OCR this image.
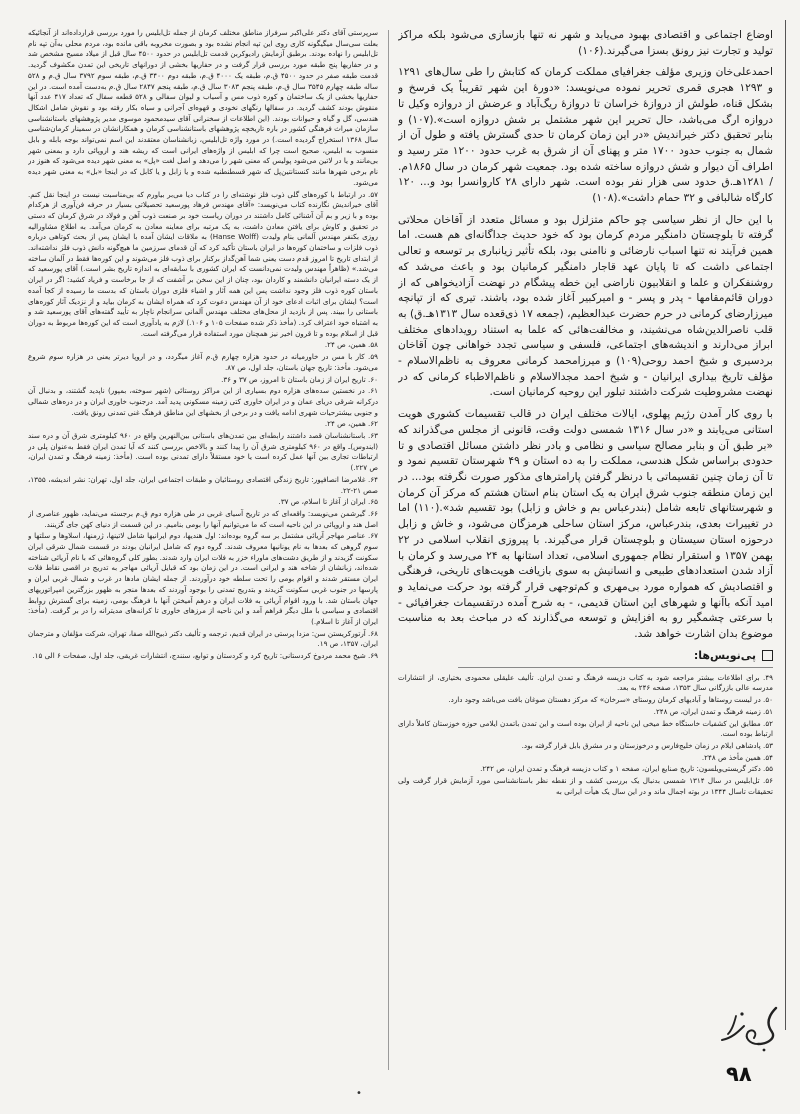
اوضاع اجتماعی و اقتصادی بهبود می‌یابد و شهر نه تنها بازسازی می‌شود بلکه مراکز تولید و تجارت نیز رونق بسزا می‌گیرند.(۱۰۶)

احمدعلی‌خان وزیری مؤلف جغرافیای مملکت کرمان که کتابش را طی سال‌های ۱۲۹۱ و ۱۲۹۳ هجری قمری تحریر نموده می‌نویسد: «دوره‌ٔ این شهر تقریباً یک فرسخ و بشکل قناه، طولش از دروازه‌ٔ خراسان تا دروازه‌ٔ ریگ‌آباد و عرضش از دروازه وکیل تا دروازه ارگ می‌باشد، حال تحریر این شهر مشتمل بر شش دروازه است».(۱۰۷) و بنابر تحقیق دکتر خیراندیش «در این زمان کرمان تا حدی گسترش یافته و طول آن از شمال به جنوب حدود ۱۷۰۰ متر و پهنای آن از شرق به غرب حدود ۱۲۰۰ متر رسید و اطراف آن دیوار و شش دروازه ساخته شده بود. جمعیت شهر کرمان در سال ۱۸۶۵م. / ۱۲۸۱هـ.ق حدود سی هزار نفر بوده است. شهر دارای ۲۸ کاروانسرا بود و... ۱۲۰ کارگاه شالبافی و ۳۲ حمام داشت».(۱۰۸)

با این حال از نظر سیاسی چو حاکم متزلزل بود و مسائل متعدد از آقاخان محلاتی گرفته تا بلوچستان دامنگیر مردم کرمان بود که خود حدیث جداگانه‌ای هم هست. اما همین فرآیند نه تنها اسباب نارضائی و ناامنی بود، بلکه تأثیر زیانباری بر توسعه و تعالی اجتماعی داشت که تا پایان عهد قاجار دامنگیر کرمانیان بود و باعث می‌شد که روشنفکران و علما و انقلابیون ناراضی این خطه پیشگام در نهضت آزادیخواهی که از دوران قائم‌مقامها - پدر و پسر - و امیرکبیر آغاز شده بود، باشند. تیری که از تپانچه میرزارضای کرمانی در حرم حضرت عبدالعظیم، (جمعه ۱۷ ذی‌قعده سال ۱۳۱۳هـ.ق) به قلب ناصرالدین‌شاه می‌نشیند، و مخالفت‌هائی که علما به استناد رویدادهای مختلف ابراز می‌دارند و اندیشه‌های اجتماعی، فلسفی و سیاسی تجدد خواهانی چون آقاخان بردسیری و شیخ احمد روحی(۱۰۹) و میرزامحمد کرمانی معروف به ناظم‌الاسلام - مؤلف تاریخ بیداری ایرانیان - و شیخ احمد مجدالاسلام و ناظم‌الاطباء کرمانی که در نهضت مشروطیت شرکت داشتند تبلور این روحیه کرمانیان است.

با روی کار آمدن رژیم پهلوی، ایالات مختلف ایران در قالب تقسیمات کشوری هویت استانی می‌یابند و «در سال ۱۳۱۶ شمسی دولت وقت، قانونی از مجلس می‌گذراند که «بر طبق آن و بنابر مصالح سیاسی و نظامی و بادر نظر داشتن مسائل اقتصادی و تا حدودی براساس شکل هندسی، مملکت را به ده استان و ۴۹ شهرستان تقسیم نمود و تا آن زمان چنین تقسیماتی با درنظر گرفتن پارامترهای مذکور صورت نگرفته بود... در این زمان منطقه جنوب شرق ایران به یک استان بنام استان هشتم که مرکز آن کرمان و شهرستانهای تابعه شامل (بندرعباس بم و خاش و زابل) بود تقسیم شد».(۱۱۰) اما در تغییرات بعدی، بندرعباس، مرکز استان ساحلی هرمزگان می‌شود، و خاش و زابل درحوزه استان سیستان و بلوچستان قرار می‌گیرند. با پیروزی انقلاب اسلامی در ۲۲ بهمن ۱۳۵۷ و استقرار نظام جمهوری اسلامی، تعداد استانها به ۲۴ می‌رسد و کرمان با آزاد شدن استعدادهای طبیعی و انسانیش به سوی بازیافت هویت‌های تاریخی، فرهنگی و اقتصادیش که همواره مورد بی‌مهری و کم‌توجهی قرار گرفته بود حرکت می‌نماید و امید آنکه باآنها و شهرهای این استان قدیمی، - به شرح آمده درتقسیمات جغرافیائی - با سرعتی چشمگیر رو به افزایش و توسعه می‌گذارند که در مباحث بعد به مناسبت موضوع بدان اشارت خواهد شد.

پی‌نویس‌ها:

۴۹. برای اطلاعات بیشتر مراجعه شود به کتاب دزیسه فرهنگ و تمدن ایران. تألیف علیقلی محمودی بختیاری، از انتشارات مدرسه عالی بازرگانی سال ۱۳۵۳، صفحه ۲۴۶ به بعد.

۵۰. در لیست روستاها و آبادیهای کرمان روستای «سرخان» که مرکز دهستان صوغان بافت می‌باشد وجود دارد.

۵۱. زمینه فرهنگ و تمدن ایران، ص ۲۴۸.

۵۲. مطابق این کشفیات خاستگاه خط میخی این ناحیه از ایران بوده است و این تمدن باتمدن ایلامی حوزه خوزستان کاملاً دارای ارتباط بوده است.

۵۳. پادشاهی ایلام در زمان خلیج‌فارس و درخوزستان و در مشرق بابل قرار گرفته بود.

۵۴. همین مأخذ ص ۲۴۸.

۵۵. دکتر گریستی‌ویلسون: تاریخ صنایع ایران، صفحه ۱ و کتاب دزیسه فرهنگ و تمدن ایران، ص ۲۴۲.

۵۶. تل‌ابلیس در سال ۱۳۱۴ شمسی بدنبال یک بررسی کشف و از نقطه نظر باستانشناسی مورد آزمایش قرار گرفت ولی تحقیقات تاسال ۱۳۴۴ در بوته اجمال ماند و در این سال یک هیأت ایرانی به

سرپرستی آقای دکتر علی‌اکبر سرفراز مناطق مختلف کرمان از جمله تل‌ابلیس را مورد بررسی قرارداده‌اند از آنجائیکه بعلت سی‌سال میگیگونه کاری روی این تپه انجام نشده بود و بصورت مخروبه باقی مانده بود، مردم محلی به‌آن تپه نام تل‌ابلیس را نهاده بودند. برطبق آزمایش رادیوکربن قدمت تل‌ابلیس در حدود ۴۵۰۰ سال قبل از میلاد مسیح مشخص شد و در حفاریها پنج طبقه مورد بررسی قرار گرفت و در حفاریها بخشی از دورانهای تاریخی این تمدن مکشوف گردید. قدمت طبقه صفر در حدود ۴۵۰۰ ق.م، طبقه یک ۴۰۰۰ ق.م، طبقه دوم ۳۴۰۰ ق.م، طبقه سوم ۳۷۹۲ سال ق.م و ۵۲۸ ساله طبقه چهارم ۳۵۴۵ سال ق.م، طبقه پنجم ۳۰۸۳ سال ق.م، طبقه پنجم ۲۸۴۷ سال ق.م به‌دست آمده است. در این حفاریها بخشی از یک ساختمان و کوره ذوب مس و آسیاب و لیوان سفالی و ۵۲۸ قطعه سفال که تعداد ۴۱۷ عدد آنها منقوش بودند کشف گردید. در سفالها رنگهای نخودی و قهوه‌ای آجرانی و سیاه بکار رفته بود و نقوش شامل اشکال هندسی، گل و گیاه و حیوانات بودند. (این اطلاعات از سخنرانی آقای سیدمحمود موسوی مدیر پژوهشهای باستانشناسی سازمان میراث فرهنگی کشور در باره تاریخچه پژوهشهای باستانشناسی کرمان و همکارانشان در سمینار کرمان‌شناسی سال ۱۳۶۸ استخراج گردیده است.) در مورد واژه تل‌ابلیس، زبانشناسان معتقدند این اسم نمی‌تواند بوجه بابله و بابل منسوب به ابلیس، صحیح است چرا که ابلیس از واژه‌های ایرانی است که ریشه هند و اروپائی دارد و بمعنی شهر بی‌مانند و یا در لاتین می‌شود پولیس که معنی شهر را می‌دهد و اصل لغت «پل» به معنی شهر دیده می‌شود که هنوز در نام برخی شهرها مانند کنستانتین‌پل که شهر قسطنطنیه شده و یا زابل و یا کابل که در اینجا «بل» به معنی شهر دیده می‌شود.

۵۷. در ارتباط با کوره‌های گلی ذوب فلز نوشته‌ای را در کتاب دیا می‌بر بیاورم که بی‌مناسبت نیست در اینجا نقل کنم. آقای خیراندیش نگارنده کتاب می‌نویسد: «آقای مهندس فرهاد پورسعید تحصیلاتی بسیار در حرفه فن‌آوری از هرکدام بوده و با زیر و بم آن آشنائی کامل داشتند در دوران ریاست خود بر صنعت ذوب آهن و فولاد در شرق کرمان که دستی در تحقیق و کاوش برای یافتن معادن داشت، به یک مرتبه برای معاینه معادن به کرمان می‌آمد. به اطلاع مشاورالیه روزی بکنفر مهندس آلمانی بنام ولیدت (Hanse Wolff) به ملاقات ایشان آمده با ایشان پس از بحث کوتاهی درباره ذوب فلزات و ساختمان کوره‌ها در ایران باستان تأکید کرد که آن قدمای سرزمین ما هیچ‌گونه دانش ذوب فلز نداشته‌اند. از ابتدای تاریخ تا امروز قدم دست یعنی شما آهن‌گداز برکنار برای ذوب فلز می‌شوند و این کوره‌ها فقط در آلمان ساخته می‌شد.» (ظاهراً مهندس ولیدت نمی‌دانست که ایران کشوری با سابقه‌ای به اندازه تاریخ بشر است.) آقای پورسعید که از یک دسته ایرانیان دانشمند و کاردان بود، چنان از این سخن بر آشفت که از جا برخاست و فریاد کشید: اگر در ایران باستان کوره ذوب فلز وجود نداشت پس این همه آثار و اشیاء فلزی دوران باستان که بدست ما رسیده از کجا آمده است؟ ایشان برای اثبات ادعای خود از آن مهندس دعوت کرد که همراه ایشان به کرمان بیاید و از نزدیک آثار کوره‌های باستانی را ببیند. پس از بازدید از محل‌های مختلف مهندس آلمانی سرانجام ناچار به تأیید گفته‌های آقای پورسعید شد و به اشتباه خود اعتراف کرد. (مأخذ ذکر شده صفحات ۱۰۵ و ۱۰۶.) لازم به یادآوری است که این کوره‌ها مربوط به دوران قبل از اسلام بوده و تا قرون اخیر نیز همچنان مورد استفاده قرار می‌گرفته است.

۵۸. همین، ص ۲۴.

۵۹. کار با مس در خاورمیانه در حدود هزاره چهارم ق.م آغاز میگردد، و در اروپا دیرتر یعنی در هزاره سوم شروع می‌شود. مأخذ: تاریخ جهان باستان، جلد اول، ص ۸۷.

۶۰. تاریخ ایران از زمان باستان تا امروز، ص ۳۷ و ۳۶.

۶۱. در نخستین سده‌های هزاره دوم بسیاری از این مراکز روستائی (شهر سوخته، بمپور) ناپدید گشتند، و بدنبال آن درکرانه شرقی دریای عمان و در ایران خاوری کتی زمینه مسکونی پدید آمد. درجنوب خاوری ایران و در دره‌های شمالی و جنوبی بیشترحیات شهری ادامه یافت و در برخی از بخشهای این مناطق فرهنگ غنی تمدنی رونق یافت.

۶۲. همین، ص ۲۴.

۶۳. باستانشناسان قصد داشتند رابطه‌ای بین تمدن‌های باستانی بین‌النهرین واقع در ۹۶۰ کیلومتری شرق آن و دره سند (ایندوس)ـ واقع در ۹۶۰ کیلومتری شرق آن را پیدا کنند و بالاخص بررسی کنند که آیا تمدن ایران فقط به‌عنوان پلی در ارتباطات تجاری بین آنها عمل کرده است یا خود مستقلاً دارای تمدنی بوده است. (مأخذ: زمینه فرهنگ و تمدن ایران، ص ۲۲۷.)

۶۴. غلامرضا انصافپور: تاریخ زندگی اقتصادی روستائیان و طبقات اجتماعی ایران، جلد اول، تهران: نشر اندیشه، ۱۳۵۵، صص ۲۱-۲۲.

۶۵. ایران از آغاز تا اسلام، ص ۳۷.

۶۶. گیرشمن می‌نویسد: واقعه‌ای که در تاریخ آسیای غربی در طی هزاره دوم ق.م برجسته می‌نماید، ظهور عناصری از اصل هند و اروپائی در این ناحیه است که ما می‌توانیم آنها را بومی بنامیم. در این قسمت از دنیای کهن جای گزینند.

۶۷. عناصر مهاجر آریائی مشتمل بر سه گروه بوده‌اند: اول هندیها، دوم ایرانیها شامل لاتینها، ژرمنها، اسلاوها و سلتها و سوم گروهی که بعدها به نام یونانیها معروف شدند. گروه دوم که شامل ایرانیان بودند در قسمت شمال شرقی ایران سکونت گزیدند و از طریق دشت‌های ماوراء خزر به فلات ایران وارد شدند. بطور کلی گروه‌هائی که با نام آریائی شناخته شده‌اند، زبانشان از شاخه هند و ایرانی است. در این زمان بود که قبایل آریائی مهاجر به تدریج در اقصی نقاط فلات ایران مستقر شدند و اقوام بومی را تحت سلطه خود درآوردند. از جمله ایشان مادها در غرب و شمال غربی ایران و پارسها در جنوب غربی سکونت گزیدند و بتدریج تمدنی را بوجود آوردند که بعدها منجر به ظهور بزرگترین امپراتوریهای جهان باستان شد. با ورود اقوام آریائی به فلات ایران و درهم آمیختن آنها با فرهنگ بومی، زمینه برای گسترش روابط اقتصادی و سیاسی با ملل دیگر فراهم آمد و این ناحیه از مرزهای خاوری تا کرانه‌های مدیترانه را در بر گرفت. (مأخذ: ایران از آغاز تا اسلام.)

۶۸. آرتورکریستن سن: مزدا پرستی در ایران قدیم، ترجمه و تألیف دکتر ذبیح‌الله صفا، تهران، شرکت مؤلفان و مترجمان ایران، ۱۳۵۷، ص ۱۹.

۶۹. شیخ محمد مردوخ کردستانی: تاریخ کرد و کردستان و توابع، سنندج، انتشارات غریقی، جلد اول، صفحات ۶ الی ۱۵.

۹۸
•
